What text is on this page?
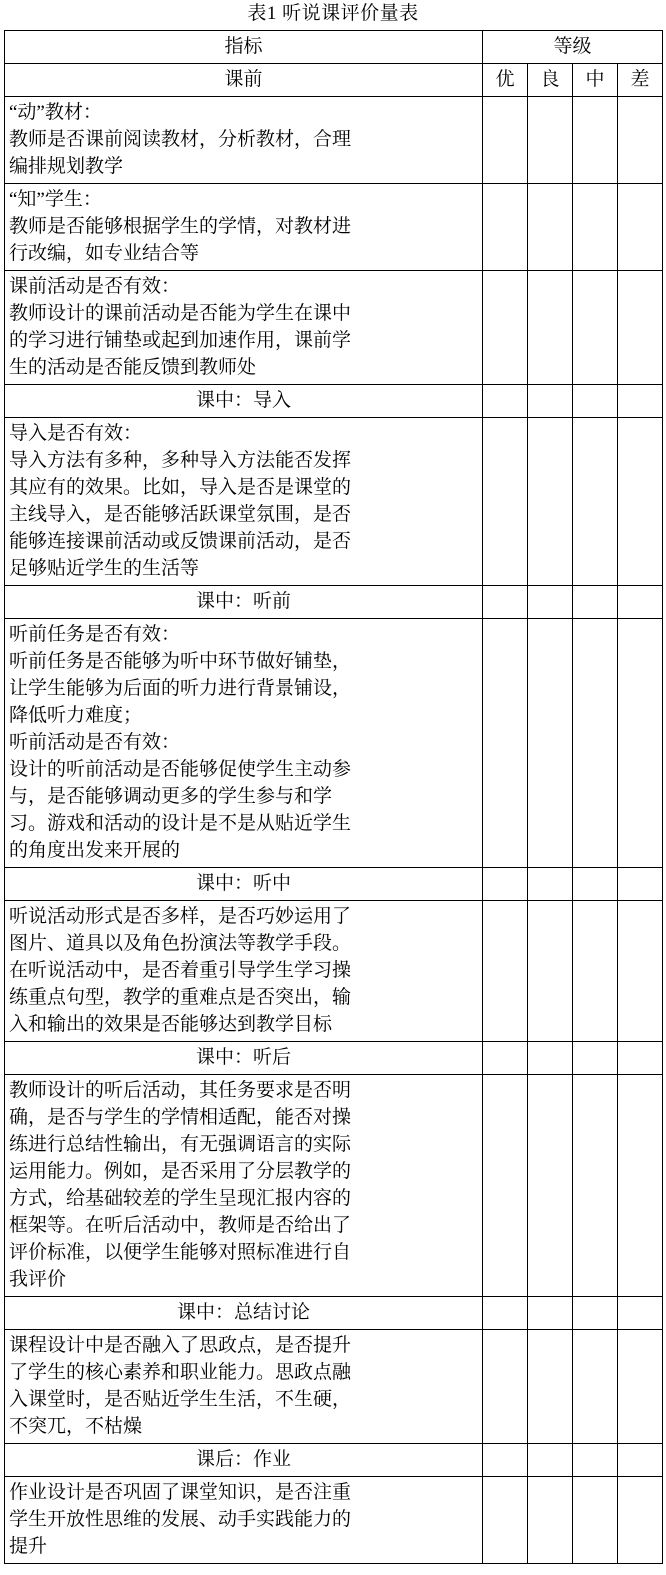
表1 听说课评价量表
指标	等级			
课前	优	良	中	差

“动”教材：
教师是否课前阅读教材，分析教材，合理
编排规划教学				

“知”学生：
教师是否能够根据学生的学情，对教材进
行改编，如专业结合等				

课前活动是否有效：
教师设计的课前活动是否能为学生在课中
的学习进行铺垫或起到加速作用，课前学
生的活动是否能反馈到教师处				

课中：导入				

导入是否有效：
导入方法有多种，多种导入方法能否发挥
其应有的效果。比如，导入是否是课堂的
主线导入，是否能够活跃课堂氛围，是否
能够连接课前活动或反馈课前活动，是否
足够贴近学生的生活等

课中：听前				

听前任务是否有效：
听前任务是否能够为听中环节做好铺垫，
让学生能够为后面的听力进行背景铺设，
降低听力难度；
听前活动是否有效：
设计的听前活动是否能够促使学生主动参
与，是否能够调动更多的学生参与和学
习。游戏和活动的设计是不是从贴近学生
的角度出发来开展的

课中：听中				

听说活动形式是否多样，是否巧妙运用了
图片、道具以及角色扮演法等教学手段。
在听说活动中，是否着重引导学生学习操
练重点句型，教学的重难点是否突出，输
入和输出的效果是否能够达到教学目标				

课中：听后				

教师设计的听后活动，其任务要求是否明
确，是否与学生的学情相适配，能否对操
练进行总结性输出，有无强调语言的实际
运用能力。例如，是否采用了分层教学的
方式，给基础较差的学生呈现汇报内容的
框架等。在听后活动中，教师是否给出了
评价标准，以便学生能够对照标准进行自
我评价

课中：总结讨论				

课程设计中是否融入了思政点，是否提升
了学生的核心素养和职业能力。思政点融
入课堂时，是否贴近学生生活，不生硬，
不突兀，不枯燥				

课后：作业				

作业设计是否巩固了课堂知识，是否注重
学生开放性思维的发展、动手实践能力的
提升				
